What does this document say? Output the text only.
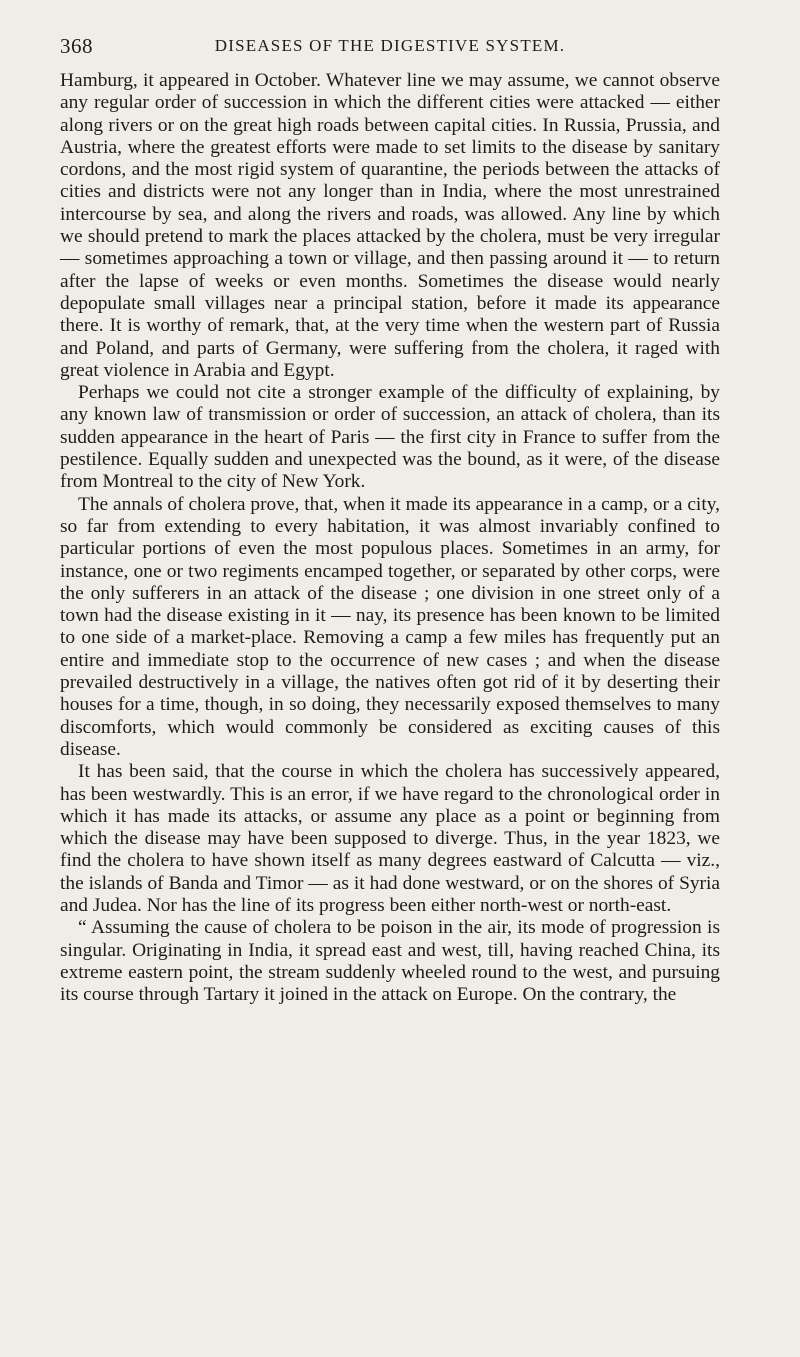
368	DISEASES OF THE DIGESTIVE SYSTEM.

Hamburg, it appeared in October. Whatever line we may assume, we cannot observe any regular order of succession in which the different cities were attacked — either along rivers or on the great high roads between capital cities. In Russia, Prussia, and Austria, where the greatest efforts were made to set limits to the disease by sanitary cordons, and the most rigid system of quarantine, the periods between the attacks of cities and districts were not any longer than in India, where the most unrestrained intercourse by sea, and along the rivers and roads, was allowed. Any line by which we should pretend to mark the places attacked by the cholera, must be very irregular — sometimes approaching a town or village, and then passing around it — to return after the lapse of weeks or even months. Sometimes the disease would nearly depopulate small villages near a principal station, before it made its appearance there. It is worthy of remark, that, at the very time when the western part of Russia and Poland, and parts of Germany, were suffering from the cholera, it raged with great violence in Arabia and Egypt.

Perhaps we could not cite a stronger example of the difficulty of explaining, by any known law of transmission or order of succession, an attack of cholera, than its sudden appearance in the heart of Paris — the first city in France to suffer from the pestilence. Equally sudden and unexpected was the bound, as it were, of the disease from Montreal to the city of New York.

The annals of cholera prove, that, when it made its appearance in a camp, or a city, so far from extending to every habitation, it was almost invariably confined to particular portions of even the most populous places. Sometimes in an army, for instance, one or two regiments encamped together, or separated by other corps, were the only sufferers in an attack of the disease ; one division in one street only of a town had the disease existing in it — nay, its presence has been known to be limited to one side of a market-place. Removing a camp a few miles has frequently put an entire and immediate stop to the occurrence of new cases ; and when the disease prevailed destructively in a village, the natives often got rid of it by deserting their houses for a time, though, in so doing, they necessarily exposed themselves to many discomforts, which would commonly be considered as exciting causes of this disease.

It has been said, that the course in which the cholera has successively appeared, has been westwardly. This is an error, if we have regard to the chronological order in which it has made its attacks, or assume any place as a point or beginning from which the disease may have been supposed to diverge. Thus, in the year 1823, we find the cholera to have shown itself as many degrees eastward of Calcutta — viz., the islands of Banda and Timor — as it had done westward, or on the shores of Syria and Judea. Nor has the line of its progress been either north-west or north-east.

“ Assuming the cause of cholera to be poison in the air, its mode of progression is singular. Originating in India, it spread east and west, till, having reached China, its extreme eastern point, the stream suddenly wheeled round to the west, and pursuing its course through Tartary it joined in the attack on Europe. On the contrary, the
